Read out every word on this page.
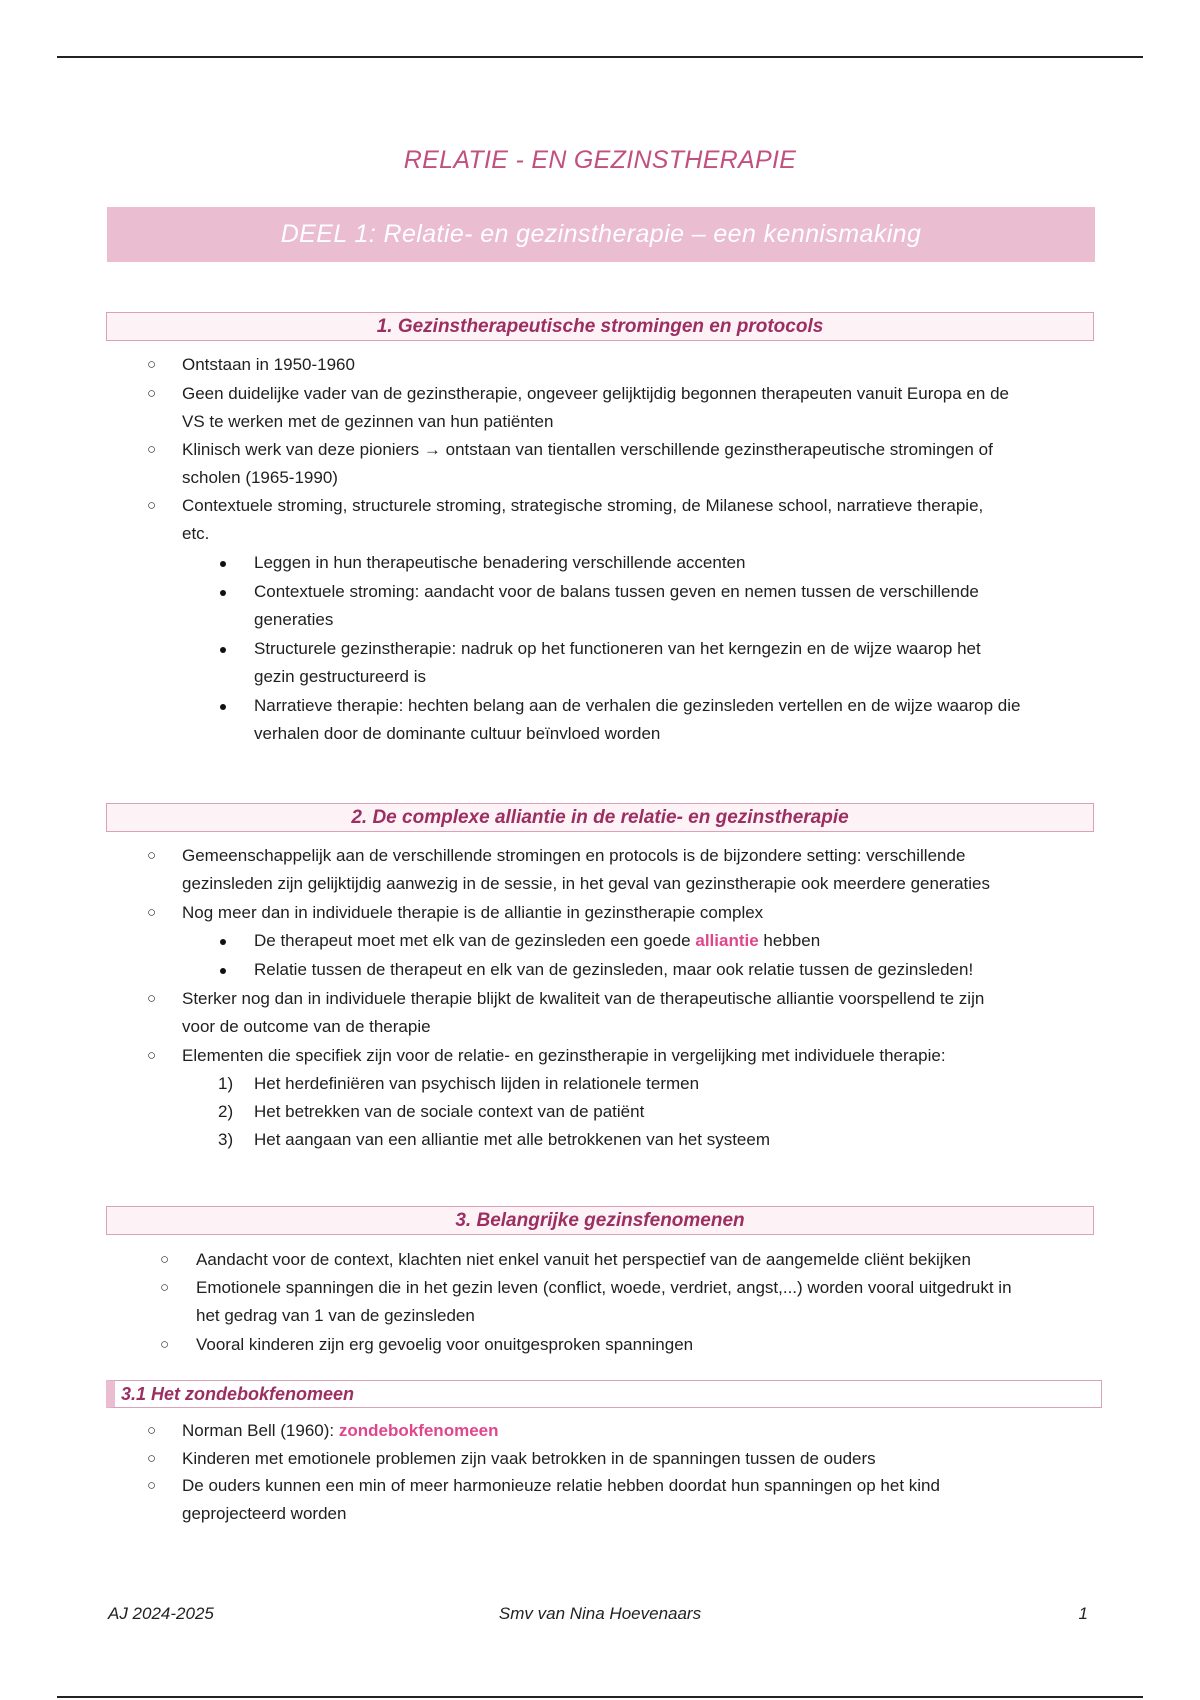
RELATIE - EN GEZINSTHERAPIE
DEEL 1: Relatie- en gezinstherapie – een kennismaking
1. Gezinstherapeutische stromingen en protocols
○ Ontstaan in 1950-1960
○ Geen duidelijke vader van de gezinstherapie, ongeveer gelijktijdig begonnen therapeuten vanuit Europa en de
VS te werken met de gezinnen van hun patiënten
○ Klinisch werk van deze pioniers → ontstaan van tientallen verschillende gezinstherapeutische stromingen of
scholen (1965-1990)
○ Contextuele stroming, structurele stroming, strategische stroming, de Milanese school, narratieve therapie,
etc.
Leggen in hun therapeutische benadering verschillende accenten
Contextuele stroming: aandacht voor de balans tussen geven en nemen tussen de verschillende
generaties
Structurele gezinstherapie: nadruk op het functioneren van het kerngezin en de wijze waarop het
gezin gestructureerd is
Narratieve therapie: hechten belang aan de verhalen die gezinsleden vertellen en de wijze waarop die
verhalen door de dominante cultuur beïnvloed worden
2. De complexe alliantie in de relatie- en gezinstherapie
○ Gemeenschappelijk aan de verschillende stromingen en protocols is de bijzondere setting: verschillende
gezinsleden zijn gelijktijdig aanwezig in de sessie, in het geval van gezinstherapie ook meerdere generaties
○ Nog meer dan in individuele therapie is de alliantie in gezinstherapie complex
De therapeut moet met elk van de gezinsleden een goede alliantie hebben
Relatie tussen de therapeut en elk van de gezinsleden, maar ook relatie tussen de gezinsleden!
○ Sterker nog dan in individuele therapie blijkt de kwaliteit van de therapeutische alliantie voorspellend te zijn
voor de outcome van de therapie
○ Elementen die specifiek zijn voor de relatie- en gezinstherapie in vergelijking met individuele therapie:
1) Het herdefiniëren van psychisch lijden in relationele termen
2) Het betrekken van de sociale context van de patiënt
3) Het aangaan van een alliantie met alle betrokkenen van het systeem
3. Belangrijke gezinsfenomenen
○ Aandacht voor de context, klachten niet enkel vanuit het perspectief van de aangemelde cliënt bekijken
○ Emotionele spanningen die in het gezin leven (conflict, woede, verdriet, angst,...) worden vooral uitgedrukt in
het gedrag van 1 van de gezinsleden
○ Vooral kinderen zijn erg gevoelig voor onuitgesproken spanningen
3.1 Het zondebokfenomeen
○ Norman Bell (1960): zondebokfenomeen
○ Kinderen met emotionele problemen zijn vaak betrokken in de spanningen tussen de ouders
○ De ouders kunnen een min of meer harmonieuze relatie hebben doordat hun spanningen op het kind
geprojecteerd worden
AJ 2024-2025	Smv van Nina Hoevenaars	1
